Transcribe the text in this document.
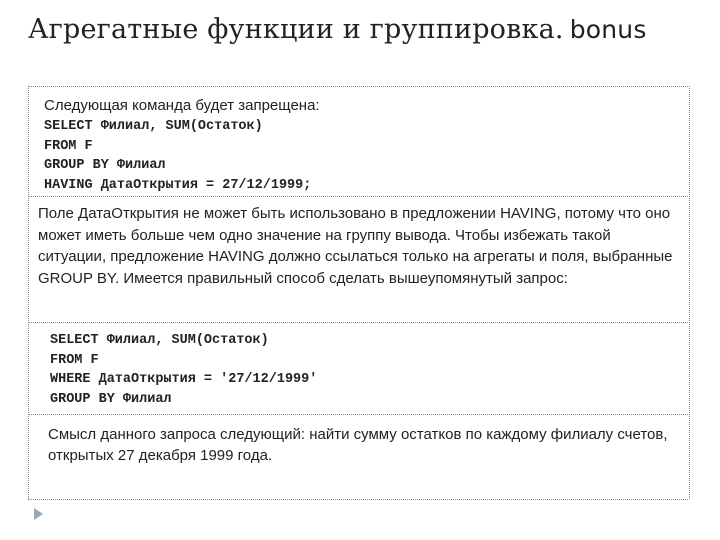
Агрегатные функции и группировка. bonus
Следующая команда будет запрещена:
SELECT Филиал, SUM(Остаток)
FROM F
GROUP BY Филиал
HAVING ДатаОткрытия = 27/12/1999;
Поле ДатаОткрытия не может быть использовано в предложении HAVING, потому что оно может иметь больше чем одно значение на группу вывода. Чтобы избежать такой ситуации, предложение HAVING должно ссылаться только на агрегаты и поля, выбранные GROUP BY. Имеется правильный способ сделать вышеупомянутый запрос:
SELECT Филиал, SUM(Остаток)
FROM F
WHERE ДатаОткрытия = '27/12/1999'
GROUP BY Филиал
Смысл данного запроса следующий: найти сумму остатков по каждому филиалу счетов, открытых 27 декабря 1999 года.
